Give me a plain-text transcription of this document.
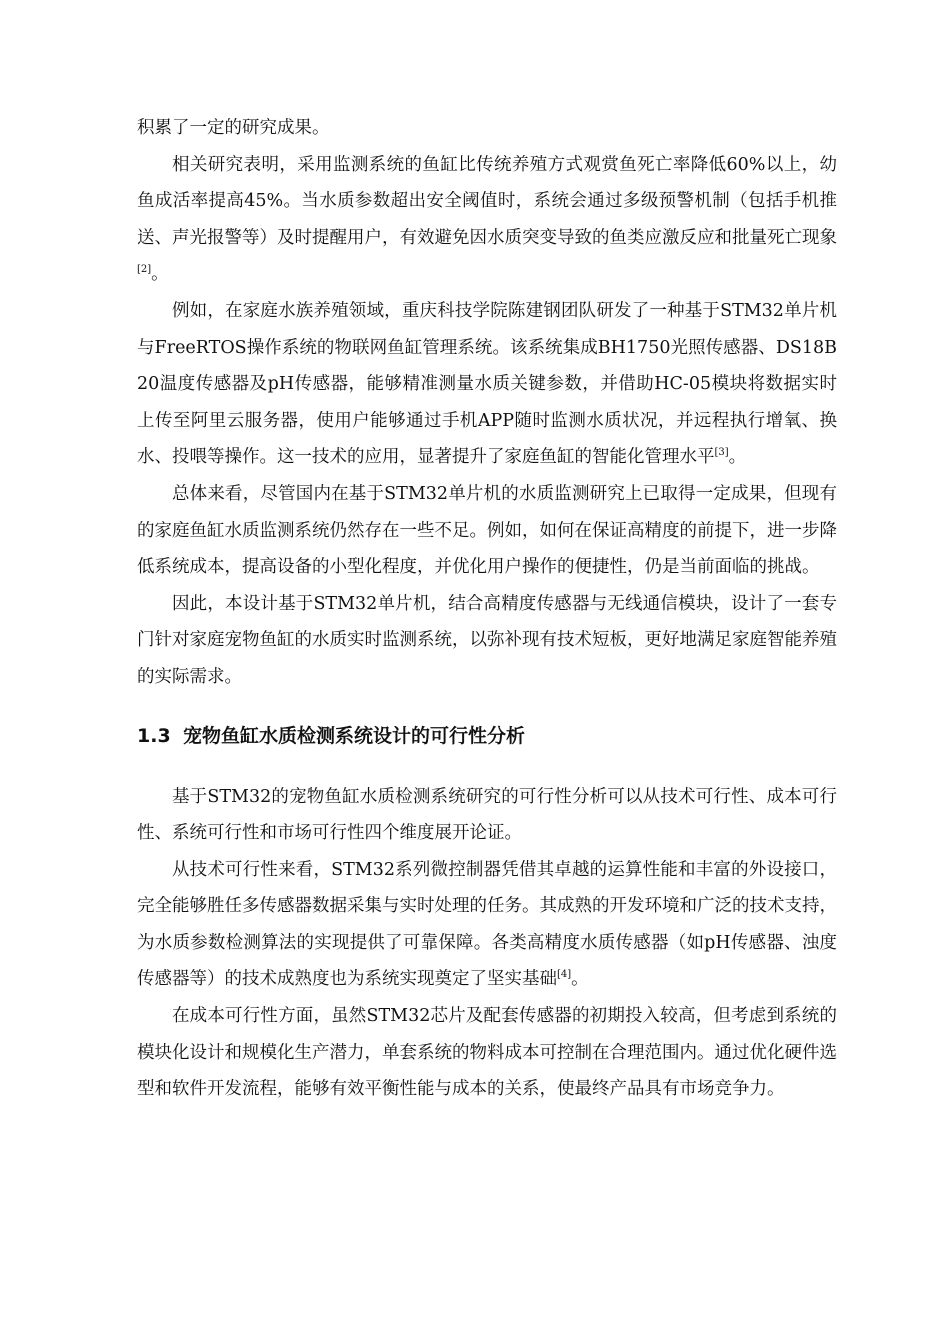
积累了一定的研究成果。

相关研究表明，采用监测系统的鱼缸比传统养殖方式观赏鱼死亡率降低60%以上，幼鱼成活率提高45%。当水质参数超出安全阈值时，系统会通过多级预警机制（包括手机推送、声光报警等）及时提醒用户，有效避免因水质突变导致的鱼类应激反应和批量死亡现象[2]。

例如，在家庭水族养殖领域，重庆科技学院陈建钢团队研发了一种基于STM32单片机与FreeRTOS操作系统的物联网鱼缸管理系统。该系统集成BH1750光照传感器、DS18B20温度传感器及pH传感器，能够精准测量水质关键参数，并借助HC-05模块将数据实时上传至阿里云服务器，使用户能够通过手机APP随时监测水质状况，并远程执行增氧、换水、投喂等操作。这一技术的应用，显著提升了家庭鱼缸的智能化管理水平[3]。

总体来看，尽管国内在基于STM32单片机的水质监测研究上已取得一定成果，但现有的家庭鱼缸水质监测系统仍然存在一些不足。例如，如何在保证高精度的前提下，进一步降低系统成本，提高设备的小型化程度，并优化用户操作的便捷性，仍是当前面临的挑战。

因此，本设计基于STM32单片机，结合高精度传感器与无线通信模块，设计了一套专门针对家庭宠物鱼缸的水质实时监测系统，以弥补现有技术短板，更好地满足家庭智能养殖的实际需求。

1.3 宠物鱼缸水质检测系统设计的可行性分析

基于STM32的宠物鱼缸水质检测系统研究的可行性分析可以从技术可行性、成本可行性、系统可行性和市场可行性四个维度展开论证。

从技术可行性来看，STM32系列微控制器凭借其卓越的运算性能和丰富的外设接口，完全能够胜任多传感器数据采集与实时处理的任务。其成熟的开发环境和广泛的技术支持，为水质参数检测算法的实现提供了可靠保障。各类高精度水质传感器（如pH传感器、浊度传感器等）的技术成熟度也为系统实现奠定了坚实基础[4]。

在成本可行性方面，虽然STM32芯片及配套传感器的初期投入较高，但考虑到系统的模块化设计和规模化生产潜力，单套系统的物料成本可控制在合理范围内。通过优化硬件选型和软件开发流程，能够有效平衡性能与成本的关系，使最终产品具有市场竞争力。
